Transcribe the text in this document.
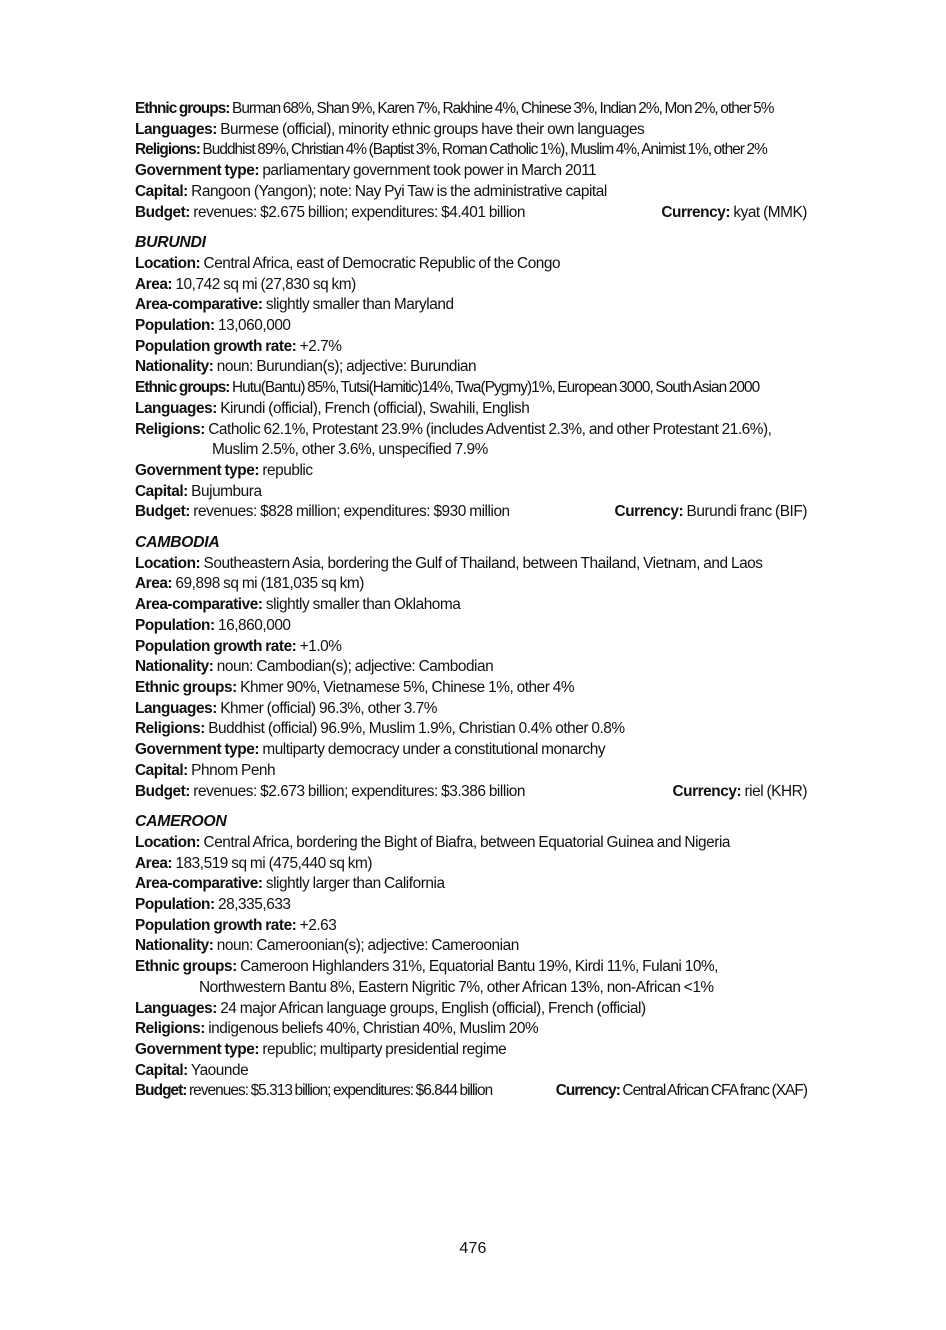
Ethnic groups: Burman 68%, Shan 9%, Karen 7%, Rakhine 4%, Chinese 3%, Indian 2%, Mon 2%, other 5%
Languages: Burmese (official), minority ethnic groups have their own languages
Religions: Buddhist 89%, Christian 4% (Baptist 3%, Roman Catholic 1%), Muslim 4%, Animist 1%, other 2%
Government type: parliamentary government took power in March 2011
Capital: Rangoon (Yangon); note: Nay Pyi Taw is the administrative capital
Budget: revenues: $2.675 billion; expenditures: $4.401 billion	Currency: kyat (MMK)
BURUNDI
Location: Central Africa, east of Democratic Republic of the Congo
Area: 10,742 sq mi (27,830 sq km)
Area-comparative: slightly smaller than Maryland
Population: 13,060,000
Population growth rate: +2.7%
Nationality: noun: Burundian(s); adjective: Burundian
Ethnic groups: Hutu(Bantu) 85%, Tutsi(Hamitic)14%, Twa(Pygmy)1%, European 3000, South Asian 2000
Languages: Kirundi (official), French (official), Swahili, English
Religions: Catholic 62.1%, Protestant 23.9% (includes Adventist 2.3%, and other Protestant 21.6%),
Muslim 2.5%, other 3.6%, unspecified 7.9%
Government type: republic
Capital: Bujumbura
Budget: revenues: $828 million; expenditures: $930 million	Currency: Burundi franc (BIF)
CAMBODIA
Location: Southeastern Asia, bordering the Gulf of Thailand, between Thailand, Vietnam, and Laos
Area: 69,898 sq mi (181,035 sq km)
Area-comparative: slightly smaller than Oklahoma
Population: 16,860,000
Population growth rate: +1.0%
Nationality: noun: Cambodian(s); adjective: Cambodian
Ethnic groups: Khmer 90%, Vietnamese 5%, Chinese 1%, other 4%
Languages: Khmer (official) 96.3%, other 3.7%
Religions: Buddhist (official) 96.9%, Muslim 1.9%, Christian 0.4% other 0.8%
Government type: multiparty democracy under a constitutional monarchy
Capital: Phnom Penh
Budget: revenues: $2.673 billion; expenditures: $3.386 billion	Currency: riel (KHR)
CAMEROON
Location: Central Africa, bordering the Bight of Biafra, between Equatorial Guinea and Nigeria
Area: 183,519 sq mi (475,440 sq km)
Area-comparative: slightly larger than California
Population: 28,335,633
Population growth rate: +2.63
Nationality: noun: Cameroonian(s); adjective: Cameroonian
Ethnic groups: Cameroon Highlanders 31%, Equatorial Bantu 19%, Kirdi 11%, Fulani 10%,
Northwestern Bantu 8%, Eastern Nigritic 7%, other African 13%, non-African <1%
Languages: 24 major African language groups, English (official), French (official)
Religions: indigenous beliefs 40%, Christian 40%, Muslim 20%
Government type: republic; multiparty presidential regime
Capital: Yaounde
Budget: revenues: $5.313 billion; expenditures: $6.844 billion	Currency: Central African CFA franc (XAF)
476
